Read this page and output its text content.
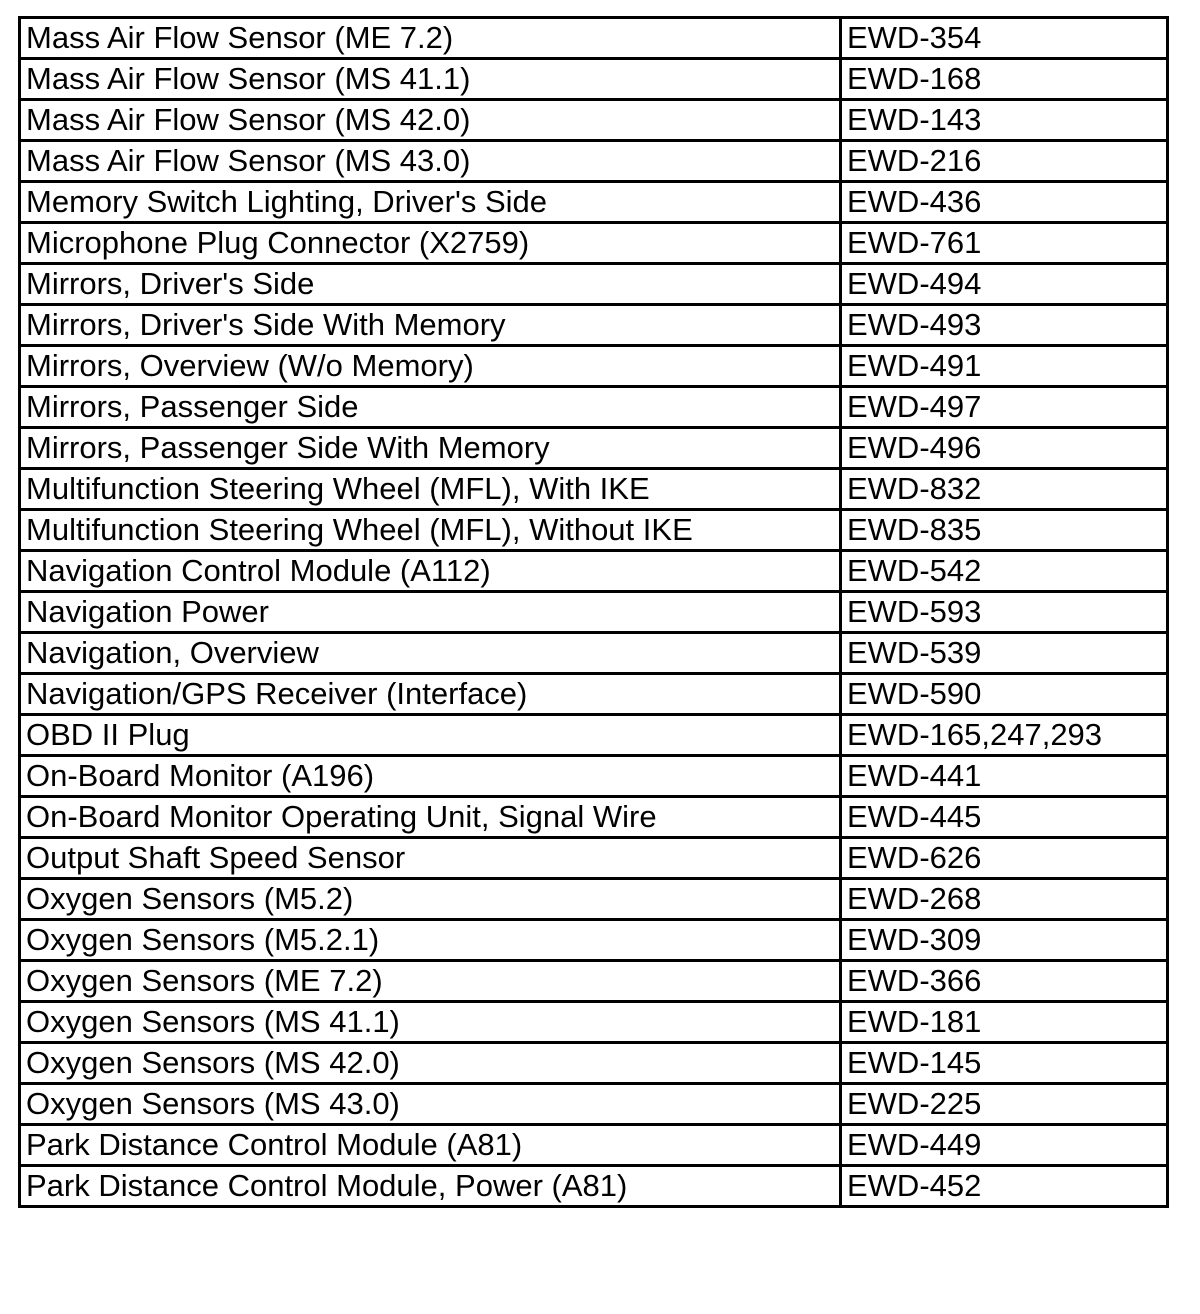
Mass Air Flow Sensor (ME 7.2)	EWD-354
Mass Air Flow Sensor (MS 41.1)	EWD-168
Mass Air Flow Sensor (MS 42.0)	EWD-143
Mass Air Flow Sensor (MS 43.0)	EWD-216
Memory Switch Lighting, Driver's Side	EWD-436
Microphone Plug Connector (X2759)	EWD-761
Mirrors, Driver's Side	EWD-494
Mirrors, Driver's Side With Memory	EWD-493
Mirrors, Overview (W/o Memory)	EWD-491
Mirrors, Passenger Side	EWD-497
Mirrors, Passenger Side With Memory	EWD-496
Multifunction Steering Wheel (MFL), With IKE	EWD-832
Multifunction Steering Wheel (MFL), Without IKE	EWD-835
Navigation Control Module (A112)	EWD-542
Navigation Power	EWD-593
Navigation, Overview	EWD-539
Navigation/GPS Receiver (Interface)	EWD-590
OBD II Plug	EWD-165,247,293
On-Board Monitor (A196)	EWD-441
On-Board Monitor Operating Unit, Signal Wire	EWD-445
Output Shaft Speed Sensor	EWD-626
Oxygen Sensors (M5.2)	EWD-268
Oxygen Sensors (M5.2.1)	EWD-309
Oxygen Sensors (ME 7.2)	EWD-366
Oxygen Sensors (MS 41.1)	EWD-181
Oxygen Sensors (MS 42.0)	EWD-145
Oxygen Sensors (MS 43.0)	EWD-225
Park Distance Control Module (A81)	EWD-449
Park Distance Control Module, Power (A81)	EWD-452
